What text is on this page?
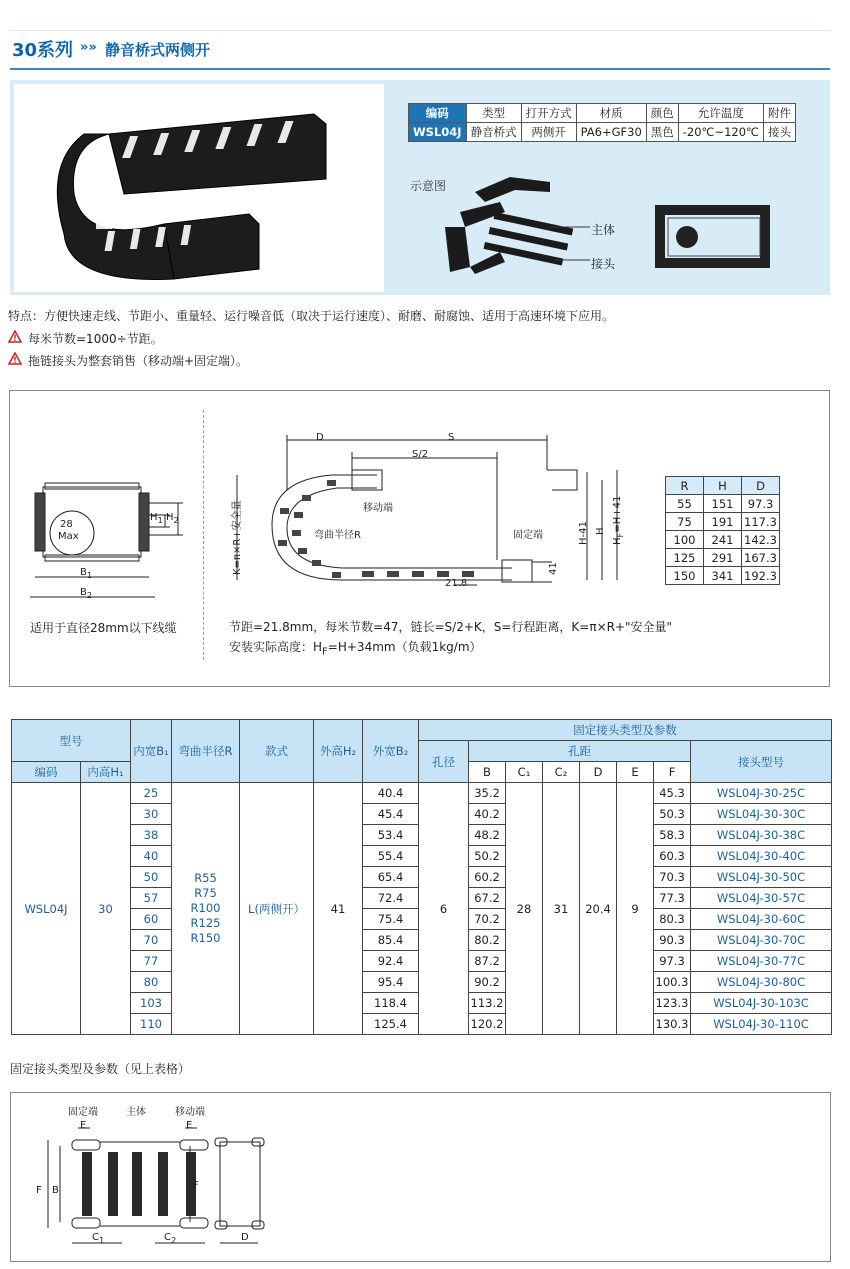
30系列 »» 静音桥式两侧开
编码	类型	打开方式	材质	颜色	允许温度	附件
WSL04J	静音桥式	两侧开	PA6+GF30	黑色	-20℃~120℃	接头
示意图
主体
接头
特点：方便快速走线、节距小、重量轻、运行噪音低（取决于运行速度）、耐磨、耐腐蚀、适用于高速环境下应用。
每米节数=1000÷节距。
拖链接头为整套销售（移动端+固定端）。
28
Max
$B_1$
$B_2$
$H_1$ $H_2$
适用于直径28mm以下线缆
D	S
S/2
K=π×R+安全量	移动端
弯曲半径R	固定端	H-41 H
$H_F=H+41$
41
21.8
R	H	D
55	151	97.3
75	191	117.3
100	241	142.3
125	291	167.3
150	341	192.3
节距=21.8mm，每米节数=47，链长=S/2+K，S=行程距离，K=π×R+"安全量"
安装实际高度：$H_F=H+34mm$（负载1kg/m）
型号		内宽B₁	弯曲半径R	款式	外高H₂	外宽B₂	固定接头类型及参数							
							孔径	孔距						接头型号
编码	内高H₁							B	C₁	C₂	D	E	F	
WSL04J	30	25	R55
R75
R100
R125
R150	L(两侧开）	41	40.4	6	35.2	28	31	20.4	9	45.3	WSL04J-30-25C
		30				45.4		40.2					50.3	WSL04J-30-30C
		38				53.4		48.2					58.3	WSL04J-30-38C
		40				55.4		50.2					60.3	WSL04J-30-40C
		50				65.4		60.2					70.3	WSL04J-30-50C
		57				72.4		67.2					77.3	WSL04J-30-57C
		60				75.4		70.2					80.3	WSL04J-30-60C
		70				85.4		80.2					90.3	WSL04J-30-70C
		77				92.4		87.2					97.3	WSL04J-30-77C
		80				95.4		90.2					100.3	WSL04J-30-80C
		103				118.4		113.2					123.3	WSL04J-30-103C
		110				125.4		120.2					130.3	WSL04J-30-110C
固定接头类型及参数（见上表格）
固定端	主体	移动端
E	E
F B	F
$C_1$	$C_2$	D
